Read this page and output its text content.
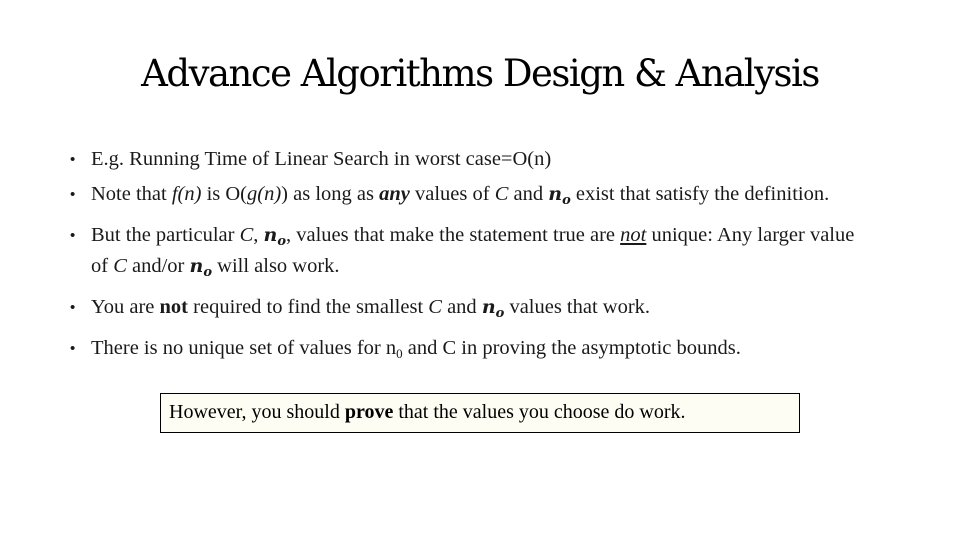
Advance Algorithms Design & Analysis
• E.g. Running Time of Linear Search in worst case=O(n)
• Note that f(n) is O(g(n)) as long as any values of C and $n_o$ exist that satisfy the definition.
• But the particular C, $n_o$, values that make the statement true are not unique: Any larger value of C and/or $n_o$ will also work.
• You are not required to find the smallest C and $n_o$ values that work.
• There is no unique set of values for $n_0$ and C in proving the asymptotic bounds.
However, you should prove that the values you choose do work.
